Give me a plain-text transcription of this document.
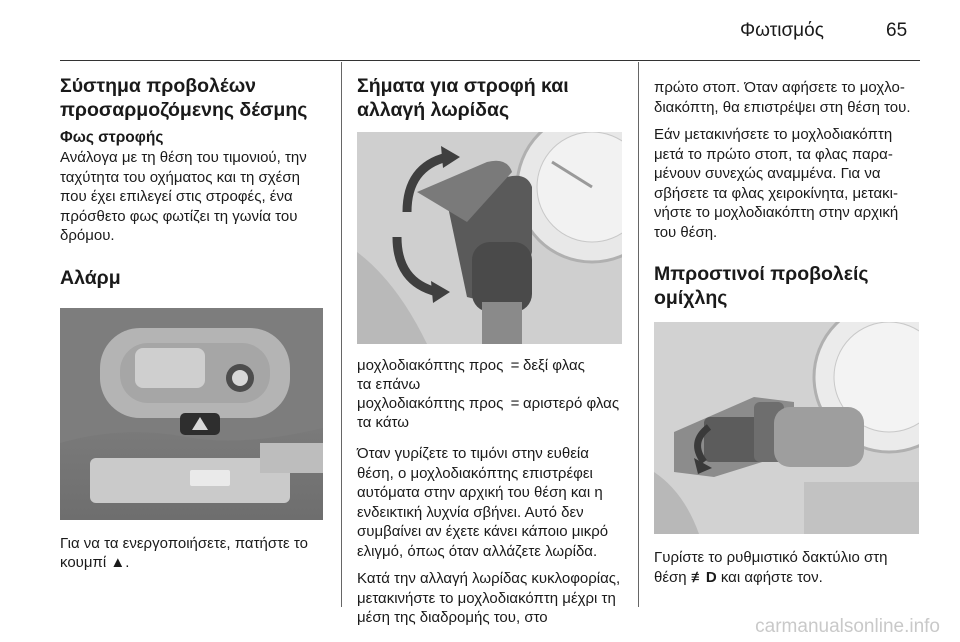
Φωτισμός	65
Σύστημα προβολέων προσαρμοζόμενης δέσμης
Φως στροφής

Ανάλογα με τη θέση του τιμονιού, την ταχύτητα του οχήματος και τη σχέση που έχει επιλεγεί στις στροφές, ένα πρόσθετο φως φωτίζει τη γωνία του δρόμου.

Αλάρμ

Για να τα ενεργοποιήσετε, πατήστε το κουμπί ▲.

Σήματα για στροφή και αλλαγή λωρίδας
μοχλοδιακόπτης προς τα επάνω	=	δεξί φλας
μοχλοδιακόπτης προς τα κάτω	=	αριστερό φλας

Όταν γυρίζετε το τιμόνι στην ευθεία θέση, ο μοχλοδιακόπτης επιστρέφει αυτόματα στην αρχική του θέση και η ενδεικτική λυχνία σβήνει. Αυτό δεν συμβαίνει αν έχετε κάνει κάποιο μικρό ελιγμό, όπως όταν αλλάζετε λωρίδα.

Κατά την αλλαγή λωρίδας κυκλοφορίας, μετακινήστε το μοχλοδιακόπτη μέχρι τη μέση της διαδρομής του, στο

πρώτο στοπ. Όταν αφήσετε το μοχλοδιακόπτη, θα επιστρέψει στη θέση του.

Εάν μετακινήσετε το μοχλοδιακόπτη μετά το πρώτο στοπ, τα φλας παραμένουν συνεχώς αναμμένα. Για να σβήσετε τα φλας χειροκίνητα, μετακινήστε το μοχλοδιακόπτη στην αρχική του θέση.

Μπροστινοί προβολείς ομίχλης

Γυρίστε το ρυθμιστικό δακτύλιο στη θέση ≢D και αφήστε τον.

carmanualsonline.info
